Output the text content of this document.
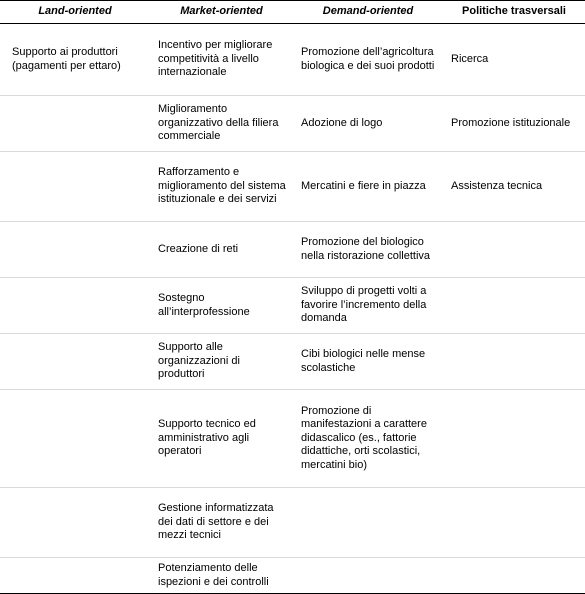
Land-oriented	Market-oriented	Demand-oriented	Politiche trasversali
Supporto ai produttori (pagamenti per ettaro)	Incentivo per migliorare competitività a livello internazionale	Promozione dell’agricoltura biologica e dei suoi prodotti	Ricerca
	Miglioramento organizzativo della filiera commerciale	Adozione di logo	Promozione istituzionale
	Rafforzamento e miglioramento del sistema istituzionale e dei servizi	Mercatini e fiere in piazza	Assistenza tecnica
	Creazione di reti	Promozione del biologico nella ristorazione collettiva	
	Sostegno all’interprofessione	Sviluppo di progetti volti a favorire l’incremento della domanda	
	Supporto alle organizzazioni di produttori	Cibi biologici nelle mense scolastiche	
	Supporto tecnico ed amministrativo agli operatori	Promozione di manifestazioni a carattere didascalico (es., fattorie didattiche, orti scolastici, mercatini bio)	
	Gestione informatizzata dei dati di settore e dei mezzi tecnici		
	Potenziamento delle ispezioni e dei controlli		
